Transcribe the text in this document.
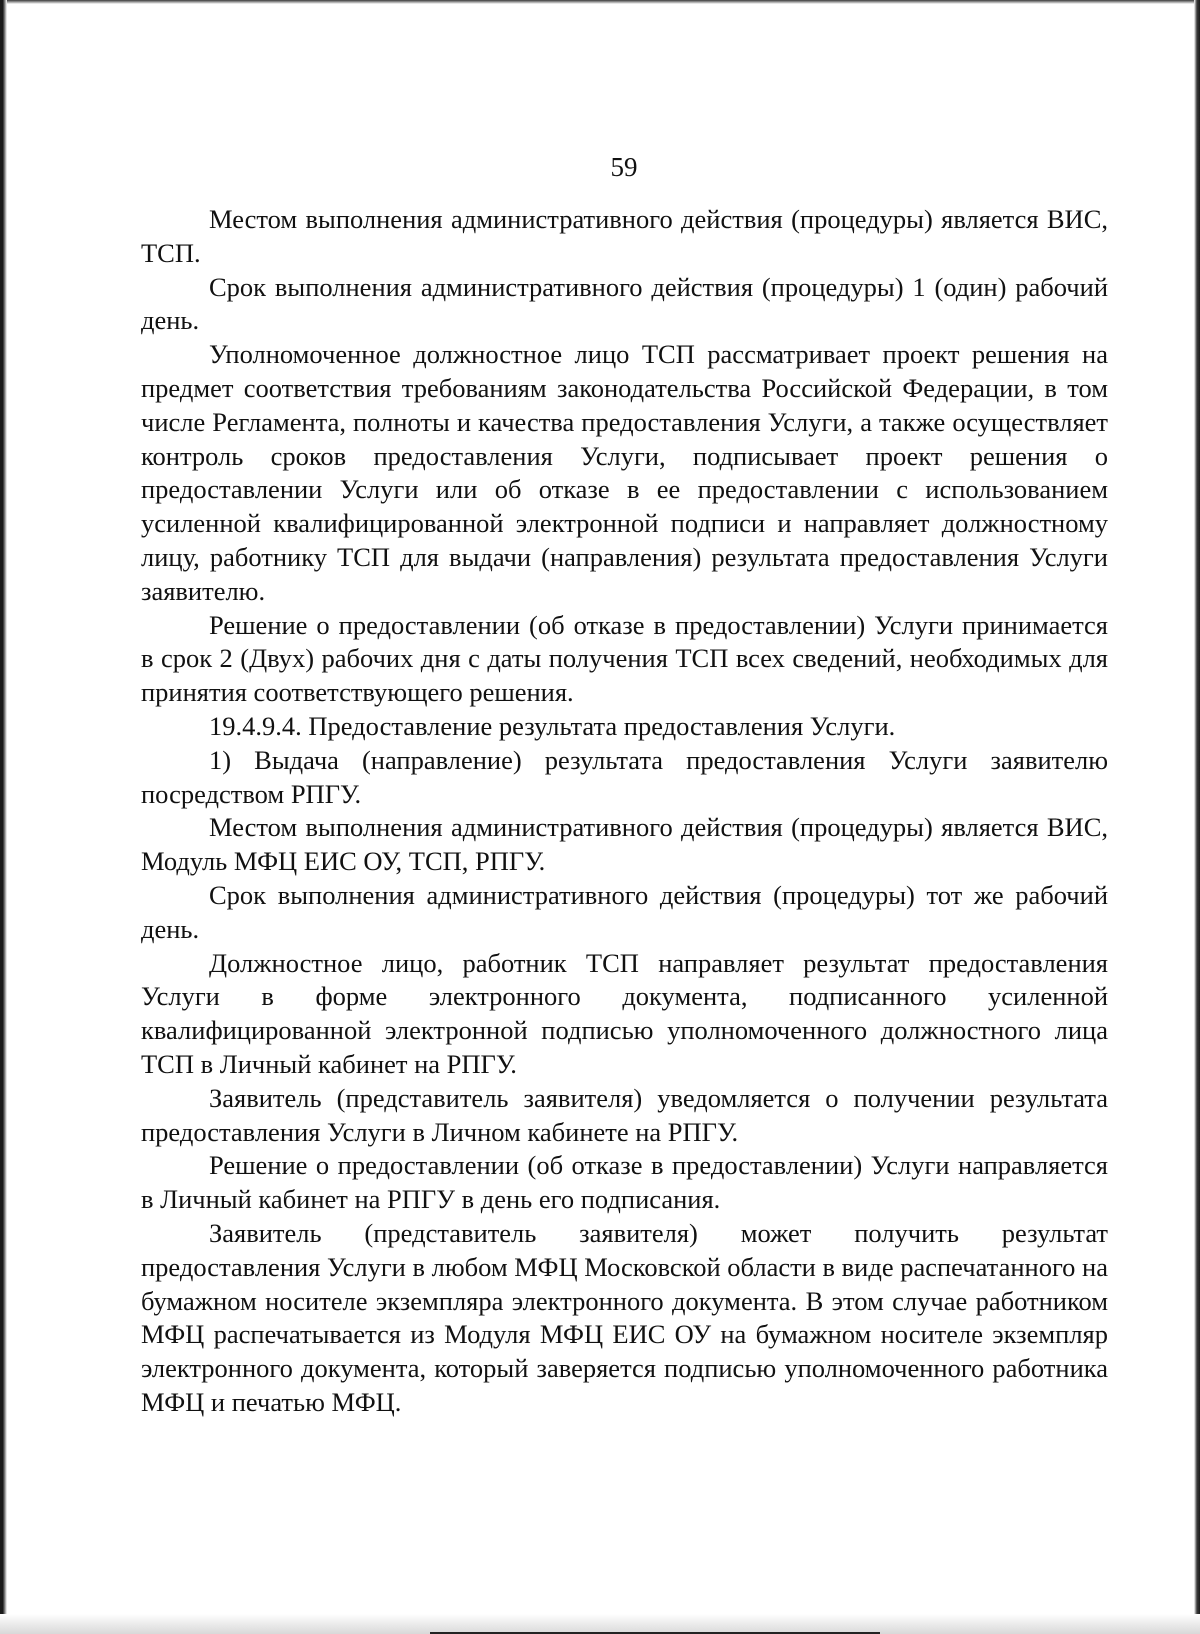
59

Местом выполнения административного действия (процедуры) является ВИС, ТСП.

Срок выполнения административного действия (процедуры) 1 (один) рабочий день.

Уполномоченное должностное лицо ТСП рассматривает проект решения на предмет соответствия требованиям законодательства Российской Федерации, в том числе Регламента, полноты и качества предоставления Услуги, а также осуществляет контроль сроков предоставления Услуги, подписывает проект решения о предоставлении Услуги или об отказе в ее предоставлении с использованием усиленной квалифицированной электронной подписи и направляет должностному лицу, работнику ТСП для выдачи (направления) результата предоставления Услуги заявителю.

Решение о предоставлении (об отказе в предоставлении) Услуги принимается в срок 2 (Двух) рабочих дня с даты получения ТСП всех сведений, необходимых для принятия соответствующего решения.

19.4.9.4. Предоставление результата предоставления Услуги.

1) Выдача (направление) результата предоставления Услуги заявителю посредством РПГУ.

Местом выполнения административного действия (процедуры) является ВИС, Модуль МФЦ ЕИС ОУ, ТСП, РПГУ.

Срок выполнения административного действия (процедуры) тот же рабочий день.

Должностное лицо, работник ТСП направляет результат предоставления Услуги в форме электронного документа, подписанного усиленной квалифицированной электронной подписью уполномоченного должностного лица ТСП в Личный кабинет на РПГУ.

Заявитель (представитель заявителя) уведомляется о получении результата предоставления Услуги в Личном кабинете на РПГУ.

Решение о предоставлении (об отказе в предоставлении) Услуги направляется в Личный кабинет на РПГУ в день его подписания.

Заявитель (представитель заявителя) может получить результат предоставления Услуги в любом МФЦ Московской области в виде распечатанного на бумажном носителе экземпляра электронного документа. В этом случае работником МФЦ распечатывается из Модуля МФЦ ЕИС ОУ на бумажном носителе экземпляр электронного документа, который заверяется подписью уполномоченного работника МФЦ и печатью МФЦ.
